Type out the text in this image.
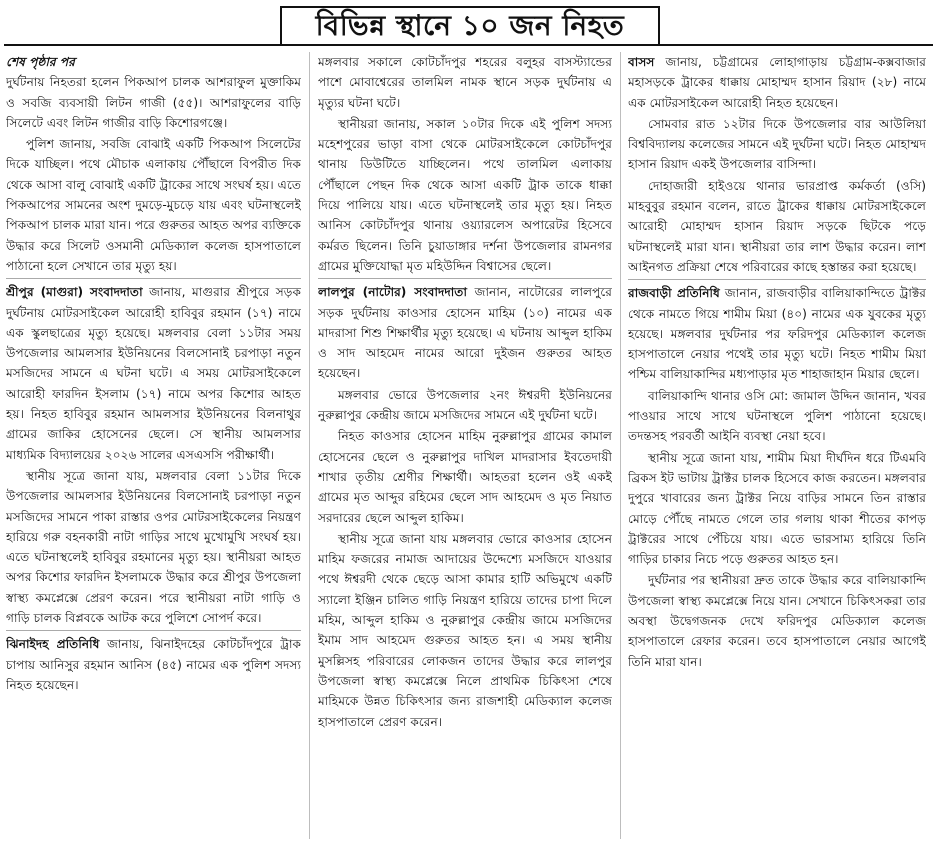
বিভিন্ন স্থানে ১০ জন নিহত
শেষ পৃষ্ঠার পর

দুর্ঘটনায় নিহতরা হলেন পিকআপ চালক আশরাফুল মুক্তাকিম ও সবজি ব্যবসায়ী লিটন গাজী (৫৫)। আশরাফুলের বাড়ি সিলেটে এবং লিটন গাজীর বাড়ি কিশোরগঞ্জে।

পুলিশ জানায়, সবজি বোঝাই একটি পিকআপ সিলেটের দিকে যাচ্ছিল। পথে মৌচাক এলাকায় পৌঁছালে বিপরীত দিক থেকে আসা বালু বোঝাই একটি ট্রাকের সাথে সংঘর্ষ হয়। এতে পিকআপের সামনের অংশ দুমড়ে-মুচড়ে যায় এবং ঘটনাস্থলেই পিকআপ চালক মারা যান। পরে গুরুতর আহত অপর ব্যক্তিকে উদ্ধার করে সিলেট ওসমানী মেডিক্যাল কলেজ হাসপাতালে পাঠানো হলে সেখানে তার মৃত্যু হয়।

শ্রীপুর (মাগুরা) সংবাদদাতা জানায়, মাগুরার শ্রীপুরে সড়ক দুর্ঘটনায় মোটরসাইকেল আরোহী হাবিবুর রহমান (১৭) নামে এক স্কুলছাত্রের মৃত্যু হয়েছে। মঙ্গলবার বেলা ১১টার সময় উপজেলার আমলসার ইউনিয়নের বিলসোনাই চরপাড়া নতুন মসজিদের সামনে এ ঘটনা ঘটে। এ সময় মোটরসাইকেলে আরোহী ফারদিন ইসলাম (১৭) নামে অপর কিশোর আহত হয়। নিহত হাবিবুর রহমান আমলসার ইউনিয়নের বিলনাথুর গ্রামের জাকির হোসেনের ছেলে। সে স্থানীয় আমলসার মাধ্যমিক বিদ্যালয়ের ২০২৬ সালের এসএসসি পরীক্ষার্থী।

স্থানীয় সূত্রে জানা যায়, মঙ্গলবার বেলা ১১টার দিকে উপজেলার আমলসার ইউনিয়নের বিলসোনাই চরপাড়া নতুন মসজিদের সামনে পাকা রাস্তার ওপর মোটরসাইকেলের নিয়ন্ত্রণ হারিয়ে গরু বহনকারী নাটা গাড়ির সাথে মুখোমুখি সংঘর্ষ হয়। এতে ঘটনাস্থলেই হাবিবুর রহমানের মৃত্যু হয়। স্থানীয়রা আহত অপর কিশোর ফারদিন ইসলামকে উদ্ধার করে শ্রীপুর উপজেলা স্বাস্থ্য কমপ্লেক্সে প্রেরণ করেন। পরে স্থানীয়রা নাটা গাড়ি ও গাড়ি চালক বিপ্লবকে আটক করে পুলিশে সোপর্দ করে।

ঝিনাইদহ প্রতিনিধি জানায়, ঝিনাইদহের কোটচাঁদপুরে ট্রাক চাপায় আনিসুর রহমান আনিস (৪৫) নামের এক পুলিশ সদস্য নিহত হয়েছেন।

মঙ্গলবার সকালে কোটচাঁদপুর শহরের বলুহর বাসস্ট্যান্ডের পাশে মোবাশ্বেরের তালমিল নামক স্থানে সড়ক দুর্ঘটনায় এ মৃত্যুর ঘটনা ঘটে।

স্থানীয়রা জানায়, সকাল ১০টার দিকে এই পুলিশ সদস্য মহেশপুরের ভাড়া বাসা থেকে মোটরসাইকেলে কোটচাঁদপুর থানায় ডিউটিতে যাচ্ছিলেন। পথে তালমিল এলাকায় পৌঁছালে পেছন দিক থেকে আসা একটি ট্রাক তাকে ধাক্কা দিয়ে পালিয়ে যায়। এতে ঘটনাস্থলেই তার মৃত্যু হয়। নিহত আনিস কোটচাঁদপুর থানায় ওয়্যারলেস অপারেটর হিসেবে কর্মরত ছিলেন। তিনি চুয়াডাঙ্গার দর্শনা উপজেলার রামনগর গ্রামের মুক্তিযোদ্ধা মৃত মহিউদ্দিন বিশ্বাসের ছেলে।

লালপুর (নাটোর) সংবাদদাতা জানান, নাটোরের লালপুরে সড়ক দুর্ঘটনায় কাওসার হোসেন মাহিম (১০) নামের এক মাদরাসা শিশু শিক্ষার্থীর মৃত্যু হয়েছে। এ ঘটনায় আব্দুল হাকিম ও সাদ আহমেদ নামের আরো দুইজন গুরুতর আহত হয়েছেন।

মঙ্গলবার ভোরে উপজেলার ২নং ঈশ্বরদী ইউনিয়নের নুরুল্লাপুর কেন্দ্রীয় জামে মসজিদের সামনে এই দুর্ঘটনা ঘটে।

নিহত কাওসার হোসেন মাহিম নুরুল্লাপুর গ্রামের কামাল হোসেনের ছেলে ও নুরুল্লাপুর দাখিল মাদরাসার ইবতেদায়ী শাখার তৃতীয় শ্রেণীর শিক্ষার্থী। আহতরা হলেন ওই একই গ্রামের মৃত আব্দুর রহিমের ছেলে সাদ আহমেদ ও মৃত নিয়াত সরদারের ছেলে আব্দুল হাকিম।

স্থানীয় সূত্রে জানা যায় মঙ্গলবার ভোরে কাওসার হোসেন মাহিম ফজরের নামাজ আদায়ের উদ্দেশ্যে মসজিদে যাওয়ার পথে ঈশ্বরদী থেকে ছেড়ে আসা কামার হাটি অভিমুখে একটি স্যালো ইঞ্জিন চালিত গাড়ি নিয়ন্ত্রণ হারিয়ে তাদের চাপা দিলে মহিম, আব্দুল হাকিম ও নুরুল্লাপুর কেন্দ্রীয় জামে মসজিদের ইমাম সাদ আহমেদ গুরুতর আহত হন। এ সময় স্থানীয় মুসল্লিসহ পরিবারের লোকজন তাদের উদ্ধার করে লালপুর উপজেলা স্বাস্থ্য কমপ্লেক্সে নিলে প্রাথমিক চিকিৎসা শেষে মাহিমকে উন্নত চিকিৎসার জন্য রাজশাহী মেডিক্যাল কলেজ হাসপাতালে প্রেরণ করেন।

বাসস জানায়, চট্টগ্রামের লোহাগাড়ায় চট্টগ্রাম-কক্সবাজার মহাসড়কে ট্রাকের ধাক্কায় মোহাম্মদ হাসান রিয়াদ (২৮) নামে এক মোটরসাইকেল আরোহী নিহত হয়েছেন।

সোমবার রাত ১২টার দিকে উপজেলার বার আউলিয়া বিশ্ববিদ্যালয় কলেজের সামনে এই দুর্ঘটনা ঘটে। নিহত মোহাম্মদ হাসান রিয়াদ একই উপজেলার বাসিন্দা।

দোহাজারী হাইওয়ে থানার ভারপ্রাপ্ত কর্মকর্তা (ওসি) মাহবুবুর রহমান বলেন, রাতে ট্রাকের ধাক্কায় মোটরসাইকেলে আরোহী মোহাম্মদ হাসান রিয়াদ সড়কে ছিটকে পড়ে ঘটনাস্থলেই মারা যান। স্থানীয়রা তার লাশ উদ্ধার করেন। লাশ আইনগত প্রক্রিয়া শেষে পরিবারের কাছে হস্তান্তর করা হয়েছে।

রাজবাড়ী প্রতিনিধি জানান, রাজবাড়ীর বালিয়াকান্দিতে ট্রাক্টর থেকে নামতে গিয়ে শামীম মিয়া (৪০) নামের এক যুবকের মৃত্যু হয়েছে। মঙ্গলবার দুর্ঘটনার পর ফরিদপুর মেডিক্যাল কলেজ হাসপাতালে নেয়ার পথেই তার মৃত্যু ঘটে। নিহত শামীম মিয়া পশ্চিম বালিয়াকান্দির মধ্যপাড়ার মৃত শাহাজাহান মিয়ার ছেলে।

বালিয়াকান্দি থানার ওসি মো: জামাল উদ্দিন জানান, খবর পাওয়ার সাথে সাথে ঘটনাস্থলে পুলিশ পাঠানো হয়েছে। তদন্তসহ পরবর্তী আইনি ব্যবস্থা নেয়া হবে।

স্থানীয় সূত্রে জানা যায়, শামীম মিয়া দীর্ঘদিন ধরে টিএমবি ব্রিকস ইট ভাটায় ট্রাক্টর চালক হিসেবে কাজ করতেন। মঙ্গলবার দুপুরে খাবারের জন্য ট্রাক্টর নিয়ে বাড়ির সামনে তিন রাস্তার মোড়ে পৌঁছে নামতে গেলে তার গলায় থাকা শীতের কাপড় ট্রাক্টরের সাথে পেঁচিয়ে যায়। এতে ভারসাম্য হারিয়ে তিনি গাড়ির চাকার নিচে পড়ে গুরুতর আহত হন।

দুর্ঘটনার পর স্থানীয়রা দ্রুত তাকে উদ্ধার করে বালিয়াকান্দি উপজেলা স্বাস্থ্য কমপ্লেক্সে নিয়ে যান। সেখানে চিকিৎসকরা তার অবস্থা উদ্বেগজনক দেখে ফরিদপুর মেডিক্যাল কলেজ হাসপাতালে রেফার করেন। তবে হাসপাতালে নেয়ার আগেই তিনি মারা যান।
